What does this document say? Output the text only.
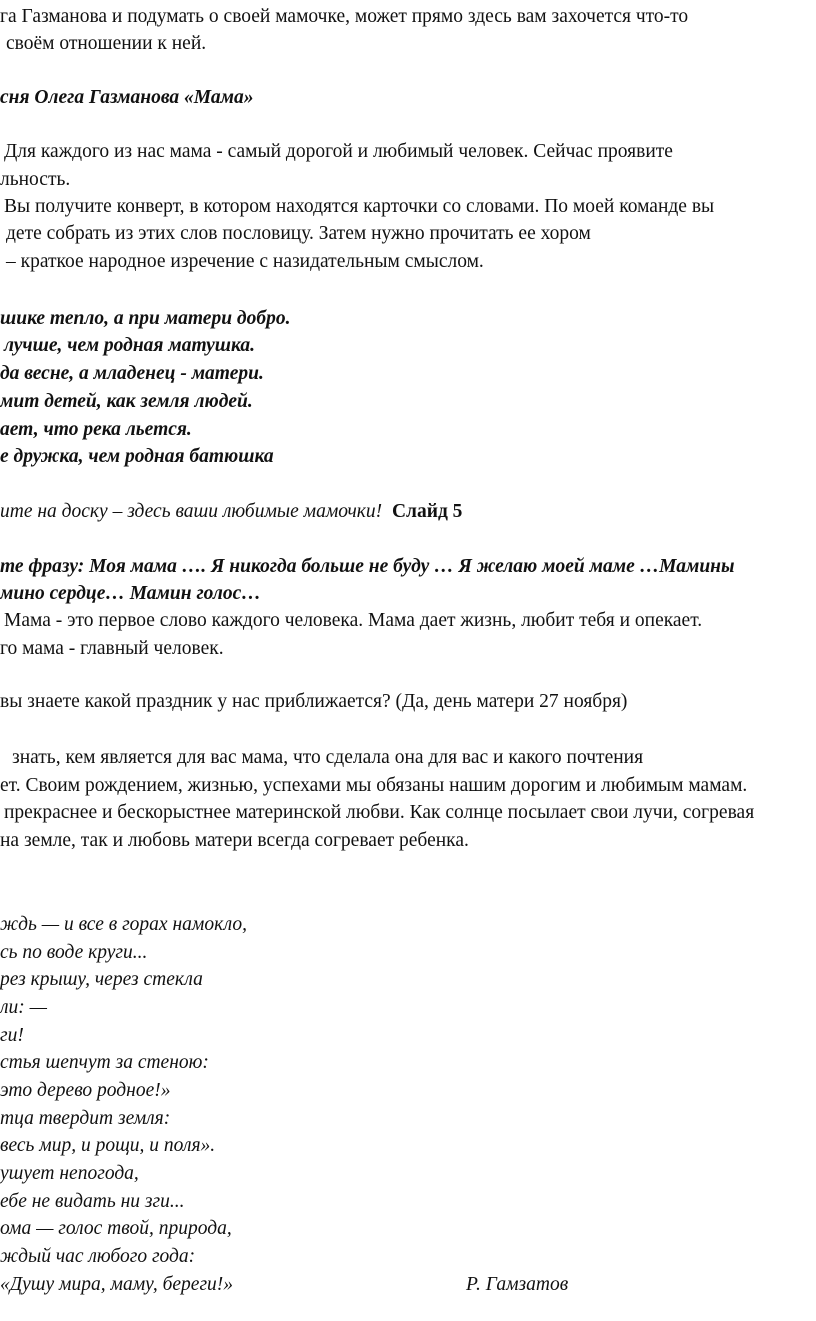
га Газманова и подумать о своей мамочке, может прямо здесь вам захочется что-то
своём отношении к ней.
сня Олега Газманова «Мама»
Для каждого из нас мама - самый дорогой и любимый человек. Сейчас проявите
льность.
Вы получите конверт, в котором находятся карточки со словами. По моей команде вы
дете собрать из этих слов пословицу. Затем нужно прочитать ее хором
– краткое народное изречение с назидательным смыслом.
шике тепло, а при матери добро.
лучше, чем родная матушка.
да весне, а младенец - матери.
мит детей, как земля людей.
ает, что река льется.
е дружка, чем родная батюшка
ите на доску – здесь ваши любимые мамочки! Слайд 5
те фразу: Моя мама …. Я никогда больше не буду … Я желаю моей маме …Мамины
мино сердце… Мамин голос…
Мама - это первое слово каждого человека. Мама дает жизнь, любит тебя и опекает.
го мама - главный человек.
вы знаете какой праздник у нас приближается? (Да, день матери 27 ноября)
знать, кем является для вас мама, что сделала она для вас и какого почтения
ет. Своим рождением, жизнью, успехами мы обязаны нашим дорогим и любимым мамам.
прекраснее и бескорыстнее материнской любви. Как солнце посылает свои лучи, согревая
на земле, так и любовь матери всегда согревает ребенка.
ждь — и все в горах намокло,
сь по воде круги...
рез крышу, через стекла
ли: —
ги!
стья шепчут за стеною:
это дерево родное!»
тца твердит земля:
весь мир, и рощи, и поля».
ушует непогода,
ебе не видать ни зги...
ома — голос твой, природа,
ждый час любого года:
«Душу мира, маму, береги!»	Р. Гамзатов
